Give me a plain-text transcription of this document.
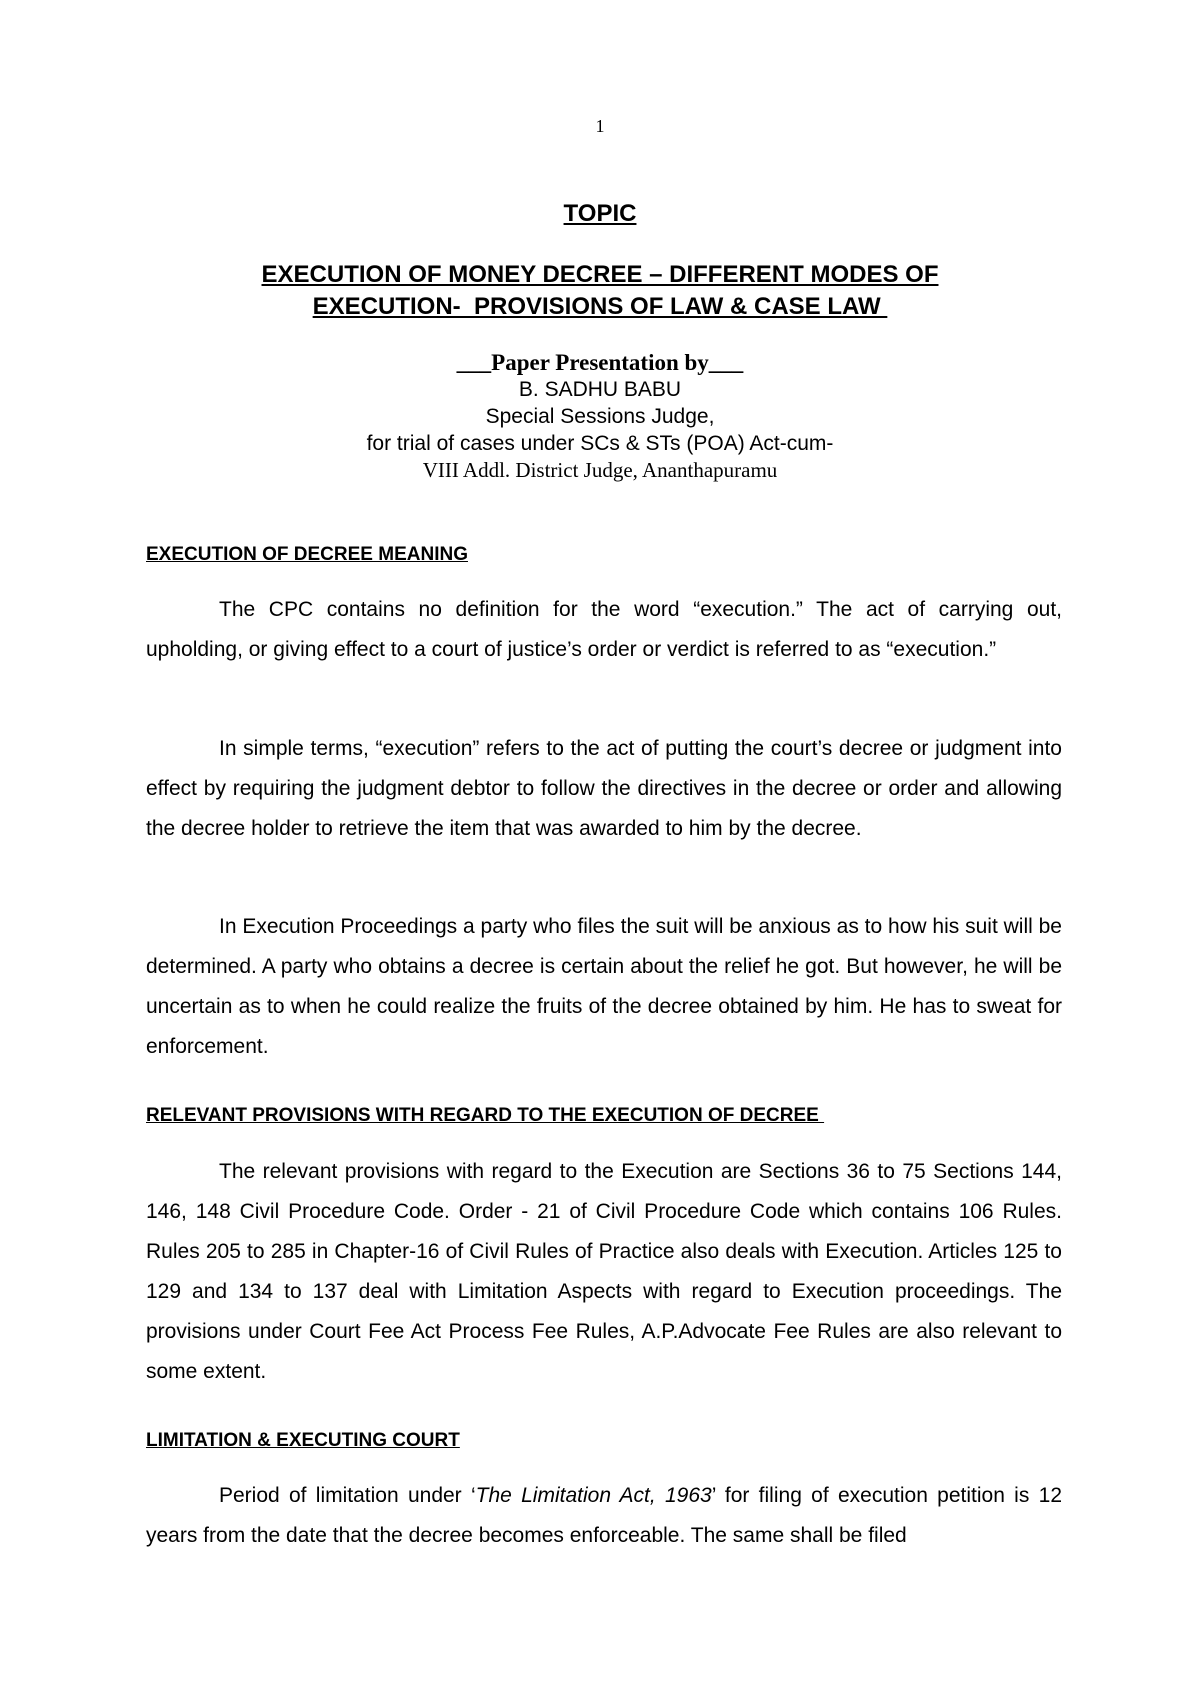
1
TOPIC
EXECUTION OF MONEY DECREE – DIFFERENT MODES OF
EXECUTION-  PROVISIONS OF LAW & CASE LAW
___Paper Presentation by___
B. SADHU BABU
Special Sessions Judge,
for trial of cases under SCs & STs (POA) Act-cum-
VIII Addl. District Judge, Ananthapuramu
EXECUTION OF DECREE MEANING

The CPC contains no definition for the word “execution.” The act of carrying out, upholding, or giving effect to a court of justice’s order or verdict is referred to as “execution.”

In simple terms, “execution” refers to the act of putting the court’s decree or judgment into effect by requiring the judgment debtor to follow the directives in the decree or order and allowing the decree holder to retrieve the item that was awarded to him by the decree.

In Execution Proceedings a party who files the suit will be anxious as to how his suit will be determined. A party who obtains a decree is certain about the relief he got. But however, he will be uncertain as to when he could realize the fruits of the decree obtained by him. He has to sweat for enforcement.

RELEVANT PROVISIONS WITH REGARD TO THE EXECUTION OF DECREE

The relevant provisions with regard to the Execution are Sections 36 to 75 Sections 144, 146, 148 Civil Procedure Code. Order - 21 of Civil Procedure Code which contains 106 Rules. Rules 205 to 285 in Chapter-16 of Civil Rules of Practice also deals with Execution. Articles 125 to 129 and 134 to 137 deal with Limitation Aspects with regard to Execution proceedings. The provisions under Court Fee Act Process Fee Rules, A.P.Advocate Fee Rules are also relevant to some extent.

LIMITATION & EXECUTING COURT

Period of limitation under ‘The Limitation Act, 1963’ for filing of execution petition is 12 years from the date that the decree becomes enforceable. The same shall be filed
